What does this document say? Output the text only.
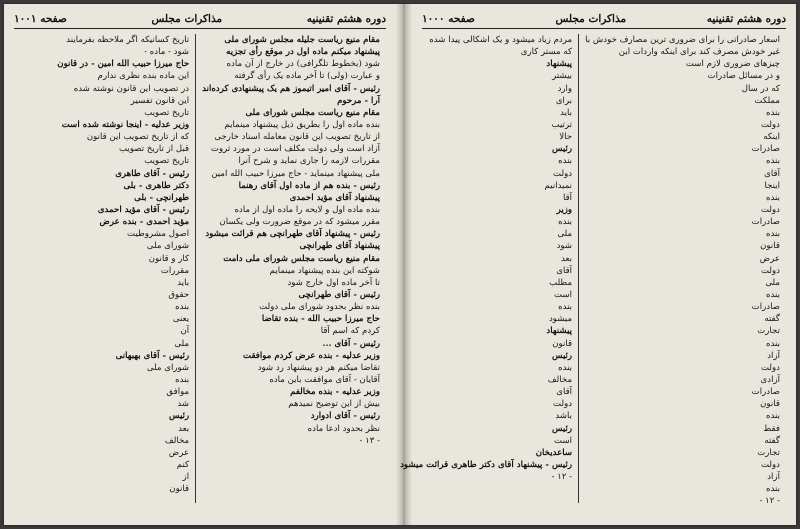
دوره هشتم تقنینیه
مذاکرات مجلس
صفحه ۱۰۰۱
مقام منیع ریاست جلیله مجلس شورای ملی
پیشنهاد میکنم ماده اول در موقع رأی تجزیه
شود (بخطوط تلگرافی) در خارج از آن ماده
و عبارت (ولی) تا آخر ماده یک رأی گرفته
رئیس - آقای امیر اتیموز هم یک پیشنهادی کرده‌اند
آرا - مرحوم
مقام منیع ریاست مجلس شورای ملی
بنده ماده اول را بطریق ذیل پیشنهاد مینمایم
از تاریخ تصویب این قانون معامله اسناد خارجی
آزاد است ولی دولت مکلف است در مورد ثروت
مقررات لازمه را جاری نماید و شرح آنرا
ملی پیشنهاد مینماید - حاج میرزا حبیب الله امین
رئیس - بنده هم از ماده اول آقای رهنما
پیشنهاد آقای مؤید احمدی
بنده ماده اول و لایحه را ماده اول از ماده
مقرر میشود که در موقع ضرورت ولی یکسان
رئیس - پیشنهاد آقای طهرانچی هم قرائت میشود
پیشنهاد آقای طهرانچی
مقام منیع ریاست مجلس شورای ملی دامت
شوکته این بنده پیشنهاد مینمایم
تا آخر ماده اول خارج شود
رئیس - آقای طهرانچی
بنده نظر بحدود شورای ملی دولت
حاج میرزا حبیب الله - بنده تقاضا
کردم که اسم آقا
رئیس - آقای ...
وزیر عدلیه - بنده عرض کردم موافقت
تقاضا میکنم هر دو پیشنهاد رد شود
آقایان - آقای موافقت باین ماده
وزیر عدلیه - بنده مخالفم
بیش از این توضیح نمیدهم
رئیس - آقای ادوارد
نظر بحدود ادعا ماده
- ۱۳ -
تاریخ کسانیکه اگر ملاحظه بفرمایند
شود - ماده -
حاج میرزا حبیب الله امین - در قانون
این ماده بنده نظری ندارم
در تصویب این قانون نوشته شده
این قانون تفسیر
تاریخ تصویب
وزیر عدلیه - اینجا نوشته شده است
که از تاریخ تصویب این قانون
قبل از تاریخ تصویب
تاریخ تصویب
رئیس - آقای طاهری
دکتر طاهری - بلی
طهرانچی - بلی
رئیس - آقای مؤید احمدی
مؤید احمدی - بنده عرض
اصول مشروطیت
شورای ملی
کار و قانون
مقررات
باید
حقوق
بنده
یعنی
آن
ملی
رئیس - آقای بهبهانی
شورای ملی
بنده
موافق
شد
رئیس
بعد
مخالف
عرض
کنم
از
قانون
دوره هشتم تقنینیه
مذاکرات مجلس
صفحه ۱۰۰۰
اسعار صادراتی را برای ضروری ترین مصارف خودش با
غیر خودش مصرف کند برای اینکه واردات این
چیزهای ضروری لازم است
و در مسائل صادرات
که در سال
مملکت
بنده
دولت
اینکه
صادرات
بنده
آقای
اینجا
بنده
دولت
صادرات
بنده
قانون
عرض
دولت
ملی
بنده
صادرات
گفته
تجارت
بنده
آزاد
دولت
آزادی
صادرات
قانون
بنده
فقط
گفته
تجارت
دولت
آزاد
بنده
- ۱۲ -
مردم زیاد میشود و یک اشکالی پیدا شده
که مستر کاری
پیشنهاد
بیشتر
وارد
برای
باید
ترتیب
حالا
رئیس
بنده
دولت
نمیدانیم
آقا
وزیر
بنده
ملی
شود
بعد
آقای
مطلب
است
بنده
میشود
پیشنهاد
قانون
رئیس
بنده
مخالف
آقای
دولت
باشد
رئیس
است
ساعدیخان
رئیس - پیشنهاد آقای دکتر طاهری قرائت میشود
- ۱۲ -
